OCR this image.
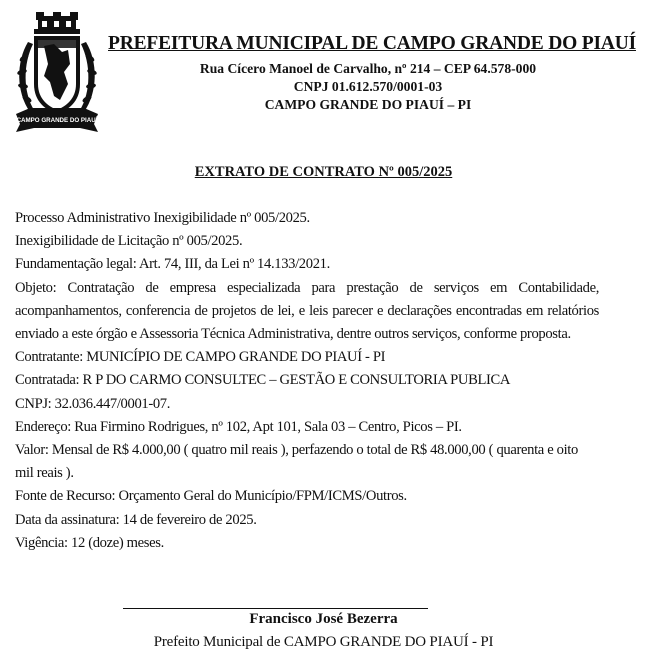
CAMPO GRANDE DO PIAUÍ
PREFEITURA MUNICIPAL DE CAMPO GRANDE DO PIAUÍ
Rua Cícero Manoel de Carvalho, nº 214 – CEP 64.578-000
CNPJ 01.612.570/0001-03
CAMPO GRANDE DO PIAUÍ – PI
EXTRATO DE CONTRATO Nº 005/2025
Processo Administrativo Inexigibilidade nº 005/2025.
Inexigibilidade de Licitação nº 005/2025.
Fundamentação legal: Art. 74, III, da Lei nº 14.133/2021.
Objeto: Contratação de empresa especializada para prestação de serviços em Contabilidade,
acompanhamentos, conferencia de projetos de lei, e leis parecer e declarações encontradas em relatórios
enviado a este órgão e Assessoria Técnica Administrativa, dentre outros serviços, conforme proposta.
Contratante: MUNICÍPIO DE CAMPO GRANDE DO PIAUÍ - PI
Contratada: R P DO CARMO CONSULTEC – GESTÃO E CONSULTORIA PUBLICA
CNPJ: 32.036.447/0001-07.
Endereço: Rua Firmino Rodrigues, nº 102, Apt 101, Sala 03 – Centro, Picos – PI.
Valor: Mensal de R$ 4.000,00 ( quatro mil reais ), perfazendo o total de R$ 48.000,00 ( quarenta e oito
mil reais ).
Fonte de Recurso: Orçamento Geral do Município/FPM/ICMS/Outros.
Data da assinatura: 14 de fevereiro de 2025.
Vigência: 12 (doze) meses.
Francisco José Bezerra
Prefeito Municipal de CAMPO GRANDE DO PIAUÍ - PI
